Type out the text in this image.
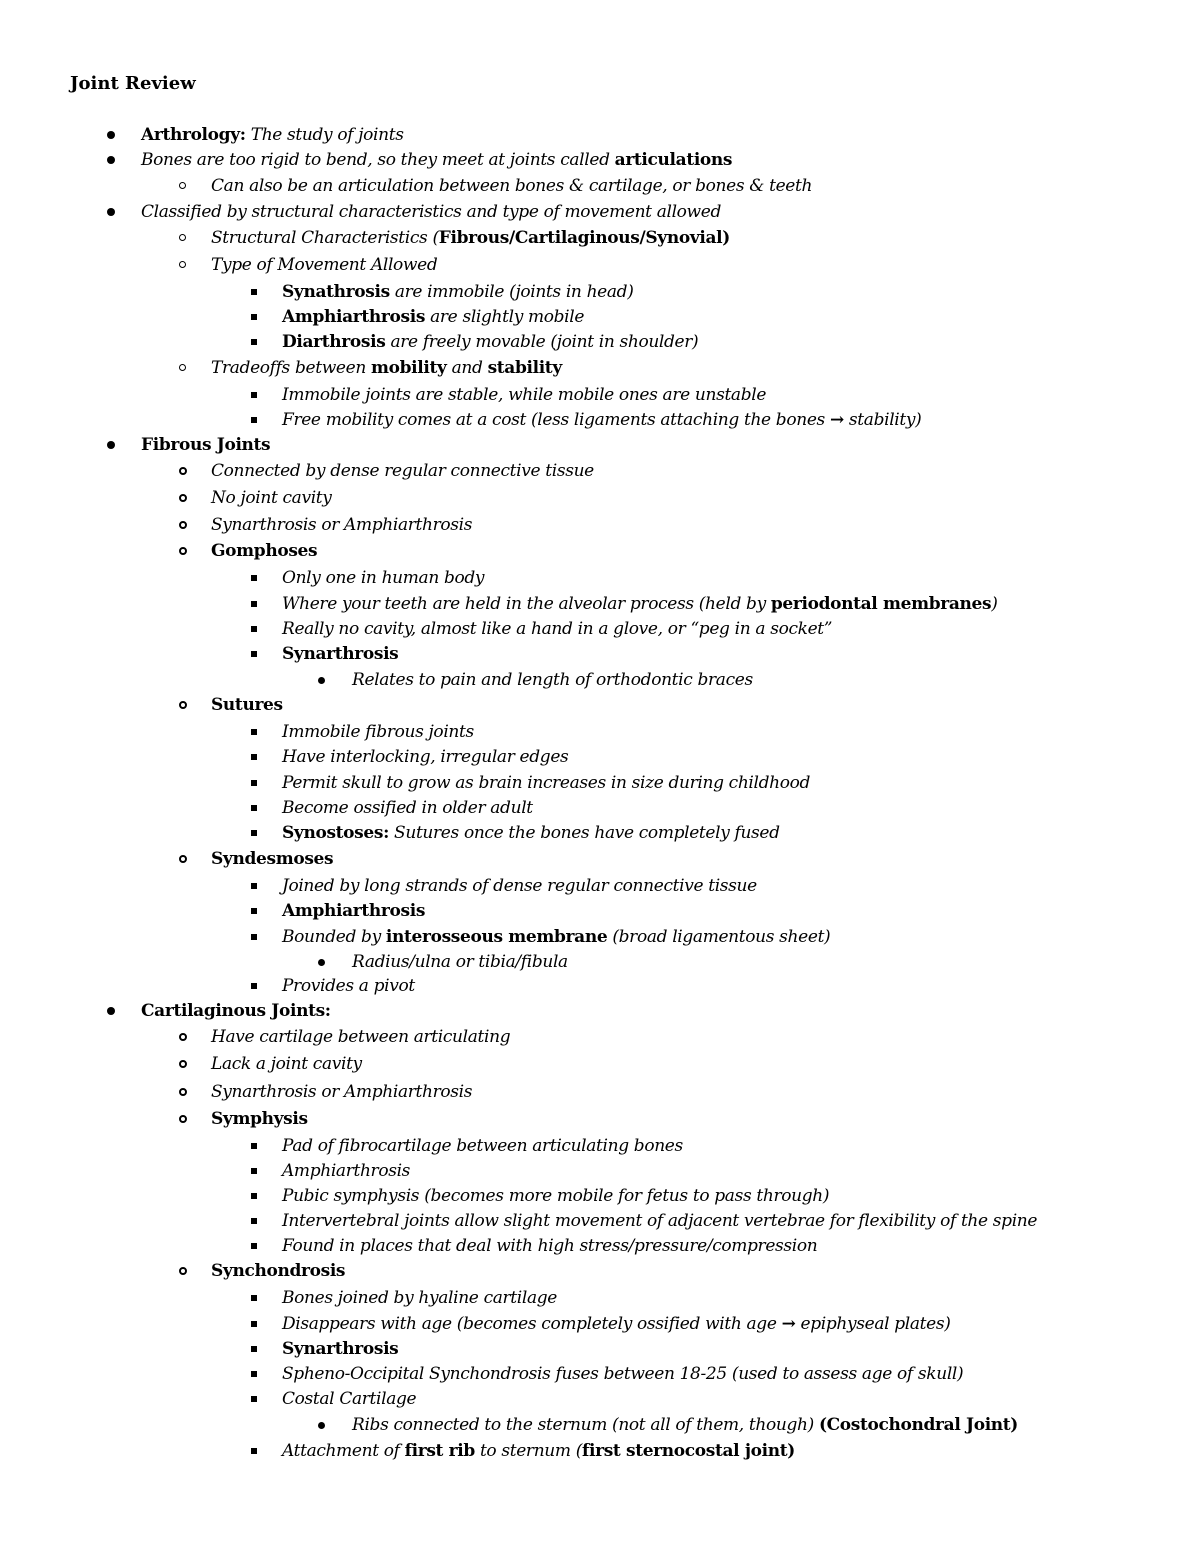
Joint Review
Arthrology: The study of joints
Bones are too rigid to bend, so they meet at joints called articulations
Can also be an articulation between bones & cartilage, or bones & teeth
Classified by structural characteristics and type of movement allowed
Structural Characteristics (Fibrous/Cartilaginous/Synovial)
Type of Movement Allowed
Synathrosis are immobile (joints in head)
Amphiarthrosis are slightly mobile
Diarthrosis are freely movable (joint in shoulder)
Tradeoffs between mobility and stability
Immobile joints are stable, while mobile ones are unstable
Free mobility comes at a cost (less ligaments attaching the bones → stability)
Fibrous Joints
Connected by dense regular connective tissue
No joint cavity
Synarthrosis or Amphiarthrosis
Gomphoses
Only one in human body
Where your teeth are held in the alveolar process (held by periodontal membranes)
Really no cavity, almost like a hand in a glove, or “peg in a socket”
Synarthrosis
Relates to pain and length of orthodontic braces
Sutures
Immobile fibrous joints
Have interlocking, irregular edges
Permit skull to grow as brain increases in size during childhood
Become ossified in older adult
Synostoses: Sutures once the bones have completely fused
Syndesmoses
Joined by long strands of dense regular connective tissue
Amphiarthrosis
Bounded by interosseous membrane (broad ligamentous sheet)
Radius/ulna or tibia/fibula
Provides a pivot
Cartilaginous Joints:
Have cartilage between articulating
Lack a joint cavity
Synarthrosis or Amphiarthrosis
Symphysis
Pad of fibrocartilage between articulating bones
Amphiarthrosis
Pubic symphysis (becomes more mobile for fetus to pass through)
Intervertebral joints allow slight movement of adjacent vertebrae for flexibility of the spine
Found in places that deal with high stress/pressure/compression
Synchondrosis
Bones joined by hyaline cartilage
Disappears with age (becomes completely ossified with age → epiphyseal plates)
Synarthrosis
Spheno-Occipital Synchondrosis fuses between 18-25 (used to assess age of skull)
Costal Cartilage
Ribs connected to the sternum (not all of them, though) (Costochondral Joint)
Attachment of first rib to sternum (first sternocostal joint)
